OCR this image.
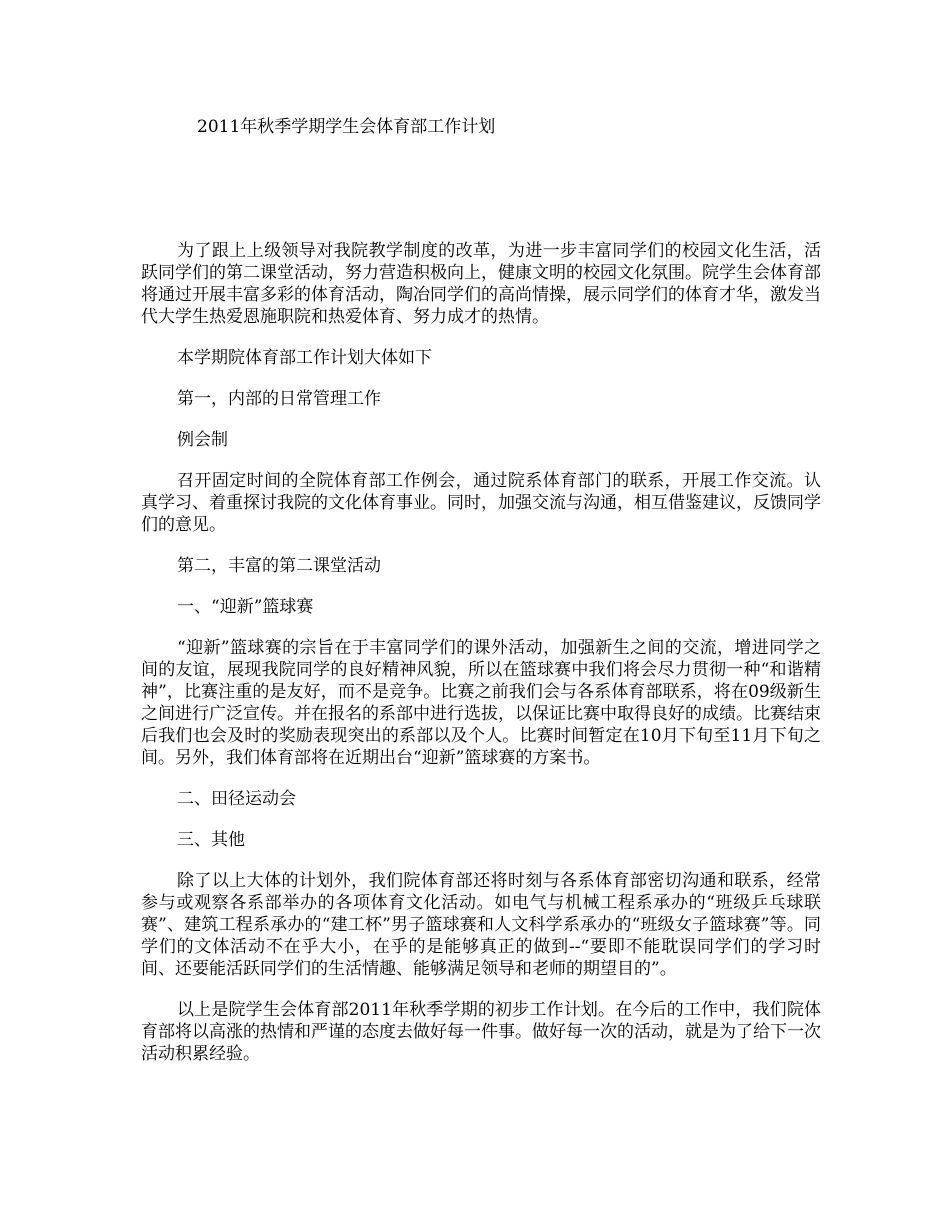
2011年秋季学期学生会体育部工作计划

为了跟上上级领导对我院教学制度的改革，为进一步丰富同学们的校园文化生活，活跃同学们的第二课堂活动，努力营造积极向上，健康文明的校园文化氛围。院学生会体育部将通过开展丰富多彩的体育活动，陶冶同学们的高尚情操，展示同学们的体育才华，激发当代大学生热爱恩施职院和热爱体育、努力成才的热情。

本学期院体育部工作计划大体如下

第一，内部的日常管理工作

例会制

召开固定时间的全院体育部工作例会，通过院系体育部门的联系，开展工作交流。认真学习、着重探讨我院的文化体育事业。同时，加强交流与沟通，相互借鉴建议，反馈同学们的意见。

第二，丰富的第二课堂活动

一、“迎新”篮球赛

“迎新”篮球赛的宗旨在于丰富同学们的课外活动，加强新生之间的交流，增进同学之间的友谊，展现我院同学的良好精神风貌，所以在篮球赛中我们将会尽力贯彻一种“和谐精神”，比赛注重的是友好，而不是竞争。比赛之前我们会与各系体育部联系，将在09级新生之间进行广泛宣传。并在报名的系部中进行选拔，以保证比赛中取得良好的成绩。比赛结束后我们也会及时的奖励表现突出的系部以及个人。比赛时间暂定在10月下旬至11月下旬之间。另外，我们体育部将在近期出台“迎新”篮球赛的方案书。

二、田径运动会

三、其他

除了以上大体的计划外，我们院体育部还将时刻与各系体育部密切沟通和联系，经常参与或观察各系部举办的各项体育文化活动。如电气与机械工程系承办的“班级乒乓球联赛”、建筑工程系承办的“建工杯”男子篮球赛和人文科学系承办的“班级女子篮球赛”等。同学们的文体活动不在乎大小，在乎的是能够真正的做到--“要即不能耽误同学们的学习时间、还要能活跃同学们的生活情趣、能够满足领导和老师的期望目的”。

以上是院学生会体育部2011年秋季学期的初步工作计划。在今后的工作中，我们院体育部将以高涨的热情和严谨的态度去做好每一件事。做好每一次的活动，就是为了给下一次活动积累经验。
